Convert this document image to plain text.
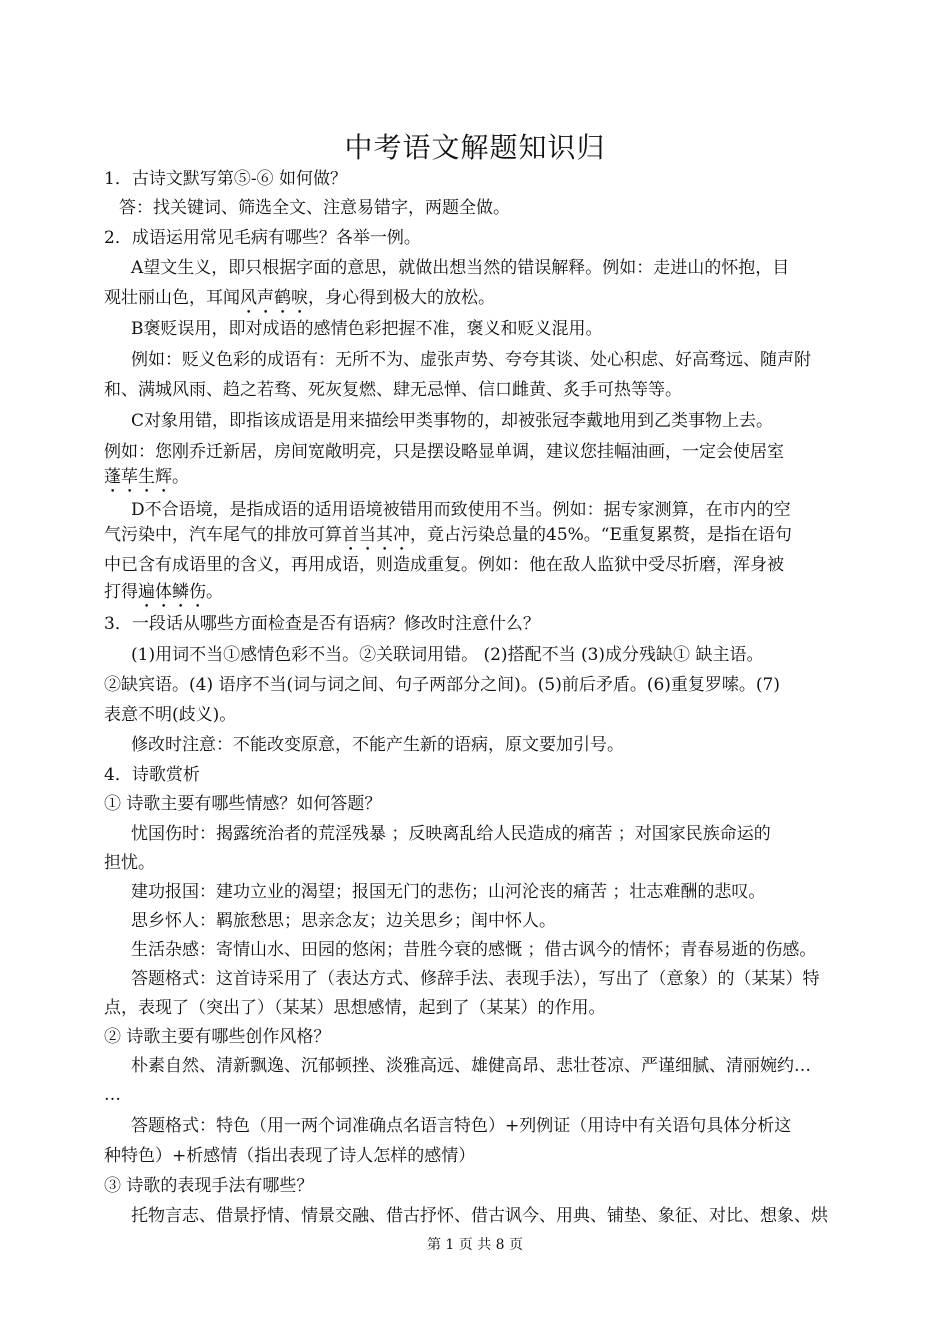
中考语文解题知识归
1．古诗文默写第⑤-⑥ 如何做？
答：找关键词、筛选全文、注意易错字，两题全做。
2．成语运用常见毛病有哪些？各举一例。
A望文生义，即只根据字面的意思，就做出想当然的错误解释。例如：走进山的怀抱，目
观壮丽山色，耳闻风声鹤唳，身心得到极大的放松。
B褒贬误用，即对成语的感情色彩把握不准，褒义和贬义混用。
例如：贬义色彩的成语有：无所不为、虚张声势、夸夸其谈、处心积虑、好高骛远、随声附
和、满城风雨、趋之若骛、死灰复燃、肆无忌惮、信口雌黄、炙手可热等等。
C对象用错，即指该成语是用来描绘甲类事物的，却被张冠李戴地用到乙类事物上去。
例如：您刚乔迁新居，房间宽敞明亮，只是摆设略显单调，建议您挂幅油画，一定会使居室
蓬荜生辉。
D不合语境，是指成语的适用语境被错用而致使用不当。例如：据专家测算，在市内的空
气污染中，汽车尾气的排放可算首当其冲，竟占污染总量的45%。“E重复累赘，是指在语句
中已含有成语里的含义，再用成语，则造成重复。例如：他在敌人监狱中受尽折磨，浑身被
打得遍体鳞伤。
3．一段话从哪些方面检查是否有语病？修改时注意什么？
(1)用词不当①感情色彩不当。②关联词用错。 (2)搭配不当 (3)成分残缺① 缺主语。
②缺宾语。(4) 语序不当(词与词之间、句子两部分之间)。(5)前后矛盾。(6)重复罗嗦。(7)
表意不明(歧义)。
修改时注意：不能改变原意，不能产生新的语病，原文要加引号。
4．诗歌赏析
① 诗歌主要有哪些情感？如何答题？
忧国伤时：揭露统治者的荒淫残暴 ；反映离乱给人民造成的痛苦 ；对国家民族命运的
担忧。
建功报国：建功立业的渴望；报国无门的悲伤；山河沦丧的痛苦 ；壮志难酬的悲叹。
思乡怀人：羁旅愁思；思亲念友；边关思乡；闺中怀人。
生活杂感：寄情山水、田园的悠闲；昔胜今衰的感慨 ；借古讽今的情怀；青春易逝的伤感。
答题格式：这首诗采用了（表达方式、修辞手法、表现手法），写出了（意象）的（某某）特
点，表现了（突出了）（某某）思想感情，起到了（某某）的作用。
② 诗歌主要有哪些创作风格？
朴素自然、清新飘逸、沉郁顿挫、淡雅高远、雄健高昂、悲壮苍凉、严谨细腻、清丽婉约…
…
答题格式：特色（用一两个词准确点名语言特色）+列例证（用诗中有关语句具体分析这
种特色）+析感情（指出表现了诗人怎样的感情）
③ 诗歌的表现手法有哪些？
托物言志、借景抒情、情景交融、借古抒怀、借古讽今、用典、铺垫、象征、对比、想象、烘
第 1 页 共 8 页
